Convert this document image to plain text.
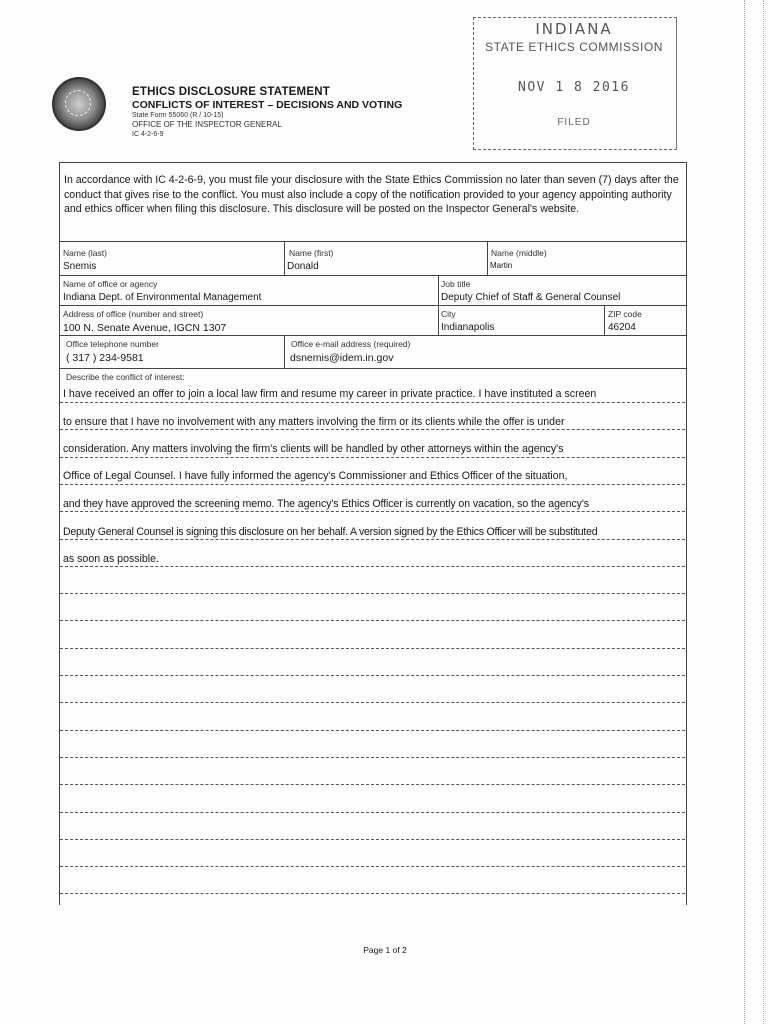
ETHICS DISCLOSURE STATEMENT
CONFLICTS OF INTEREST – DECISIONS AND VOTING
State Form 55060 (R / 10-15)
OFFICE OF THE INSPECTOR GENERAL
IC 4-2-6-9
INDIANA
STATE ETHICS COMMISSION
NOV 1 8 2016
FILED
In accordance with IC 4-2-6-9, you must file your disclosure with the State Ethics Commission no later than seven (7) days after the conduct that gives rise to the conflict. You must also include a copy of the notification provided to your agency appointing authority and ethics officer when filing this disclosure. This disclosure will be posted on the Inspector General's website.
Name (last)
Snemis
Name (first)
Donald
Name (middle)
Martin
Name of office or agency
Indiana Dept. of Environmental Management
Job title
Deputy Chief of Staff & General Counsel
Address of office (number and street)
100 N. Senate Avenue, IGCN 1307
City
Indianapolis
ZIP code
46204
Office telephone number
( 317 ) 234-9581
Office e-mail address (required)
dsnemis@idem.in.gov
Describe the conflict of interest:
I have received an offer to join a local law firm and resume my career in private practice. I have instituted a screen
to ensure that I have no involvement with any matters involving the firm or its clients while the offer is under
consideration. Any matters involving the firm's clients will be handled by other attorneys within the agency's
Office of Legal Counsel. I have fully informed the agency's Commissioner and Ethics Officer of the situation,
and they have approved the screening memo. The agency's Ethics Officer is currently on vacation, so the agency's
Deputy General Counsel is signing this disclosure on her behalf. A version signed by the Ethics Officer will be substituted
as soon as possible.
Page 1 of 2
